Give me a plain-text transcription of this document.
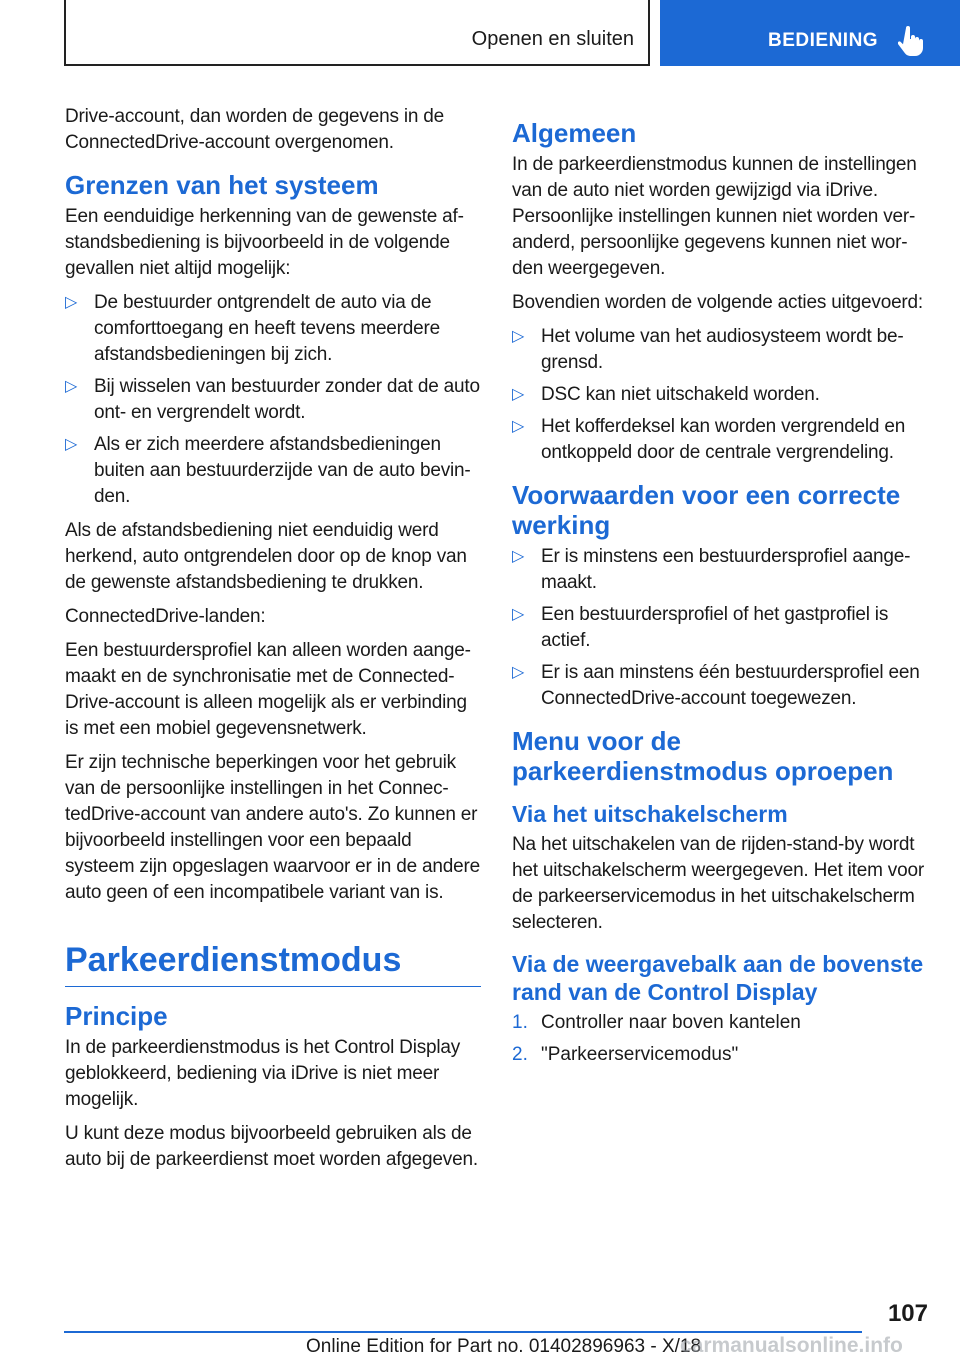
Openen en sluiten	BEDIENING

Drive-account, dan worden de gegevens in de ConnectedDrive-account overgenomen.

Grenzen van het systeem

Een eenduidige herkenning van de gewenste afstandsbediening is bijvoorbeeld in de volgende gevallen niet altijd mogelijk:

▷ De bestuurder ontgrendelt de auto via de comforttoegang en heeft tevens meerdere afstandsbedieningen bij zich.
▷ Bij wisselen van bestuurder zonder dat de auto ont- en vergrendelt wordt.
▷ Als er zich meerdere afstandsbedieningen buiten aan bestuurderzijde van de auto bevinden.

Als de afstandsbediening niet eenduidig werd herkend, auto ontgrendelen door op de knop van de gewenste afstandsbediening te drukken.

ConnectedDrive-landen:

Een bestuurdersprofiel kan alleen worden aangemaakt en de synchronisatie met de ConnectedDrive-account is alleen mogelijk als er verbinding is met een mobiel gegevensnetwerk.

Er zijn technische beperkingen voor het gebruik van de persoonlijke instellingen in het ConnectedDrive-account van andere auto's. Zo kunnen er bijvoorbeeld instellingen voor een bepaald systeem zijn opgeslagen waarvoor er in de andere auto geen of een incompatibele variant van is.

Parkeerdienstmodus
Principe

In de parkeerdienstmodus is het Control Display geblokkeerd, bediening via iDrive is niet meer mogelijk.

U kunt deze modus bijvoorbeeld gebruiken als de auto bij de parkeerdienst moet worden afgegeven.

Algemeen

In de parkeerdienstmodus kunnen de instellingen van de auto niet worden gewijzigd via iDrive. Persoonlijke instellingen kunnen niet worden veranderd, persoonlijke gegevens kunnen niet worden weergegeven.

Bovendien worden de volgende acties uitgevoerd:

▷ Het volume van het audiosysteem wordt begrensd.
▷ DSC kan niet uitschakeld worden.
▷ Het kofferdeksel kan worden vergrendeld en ontkoppeld door de centrale vergrendeling.
Voorwaarden voor een correcte werking
▷ Er is minstens een bestuurdersprofiel aangemaakt.
▷ Een bestuurdersprofiel of het gastprofiel is actief.
▷ Er is aan minstens één bestuurdersprofiel een ConnectedDrive-account toegewezen.
Menu voor de parkeerdienstmodus oproepen
Via het uitschakelscherm

Na het uitschakelen van de rijden-stand-by wordt het uitschakelscherm weergegeven. Het item voor de parkeerservicemodus in het uitschakelscherm selecteren.

Via de weergavebalk aan de bovenste rand van de Control Display
1. Controller naar boven kantelen
2. "Parkeerservicemodus"
107
Online Edition for Part no. 01402896963 - X/18
carmanualsonline.info
